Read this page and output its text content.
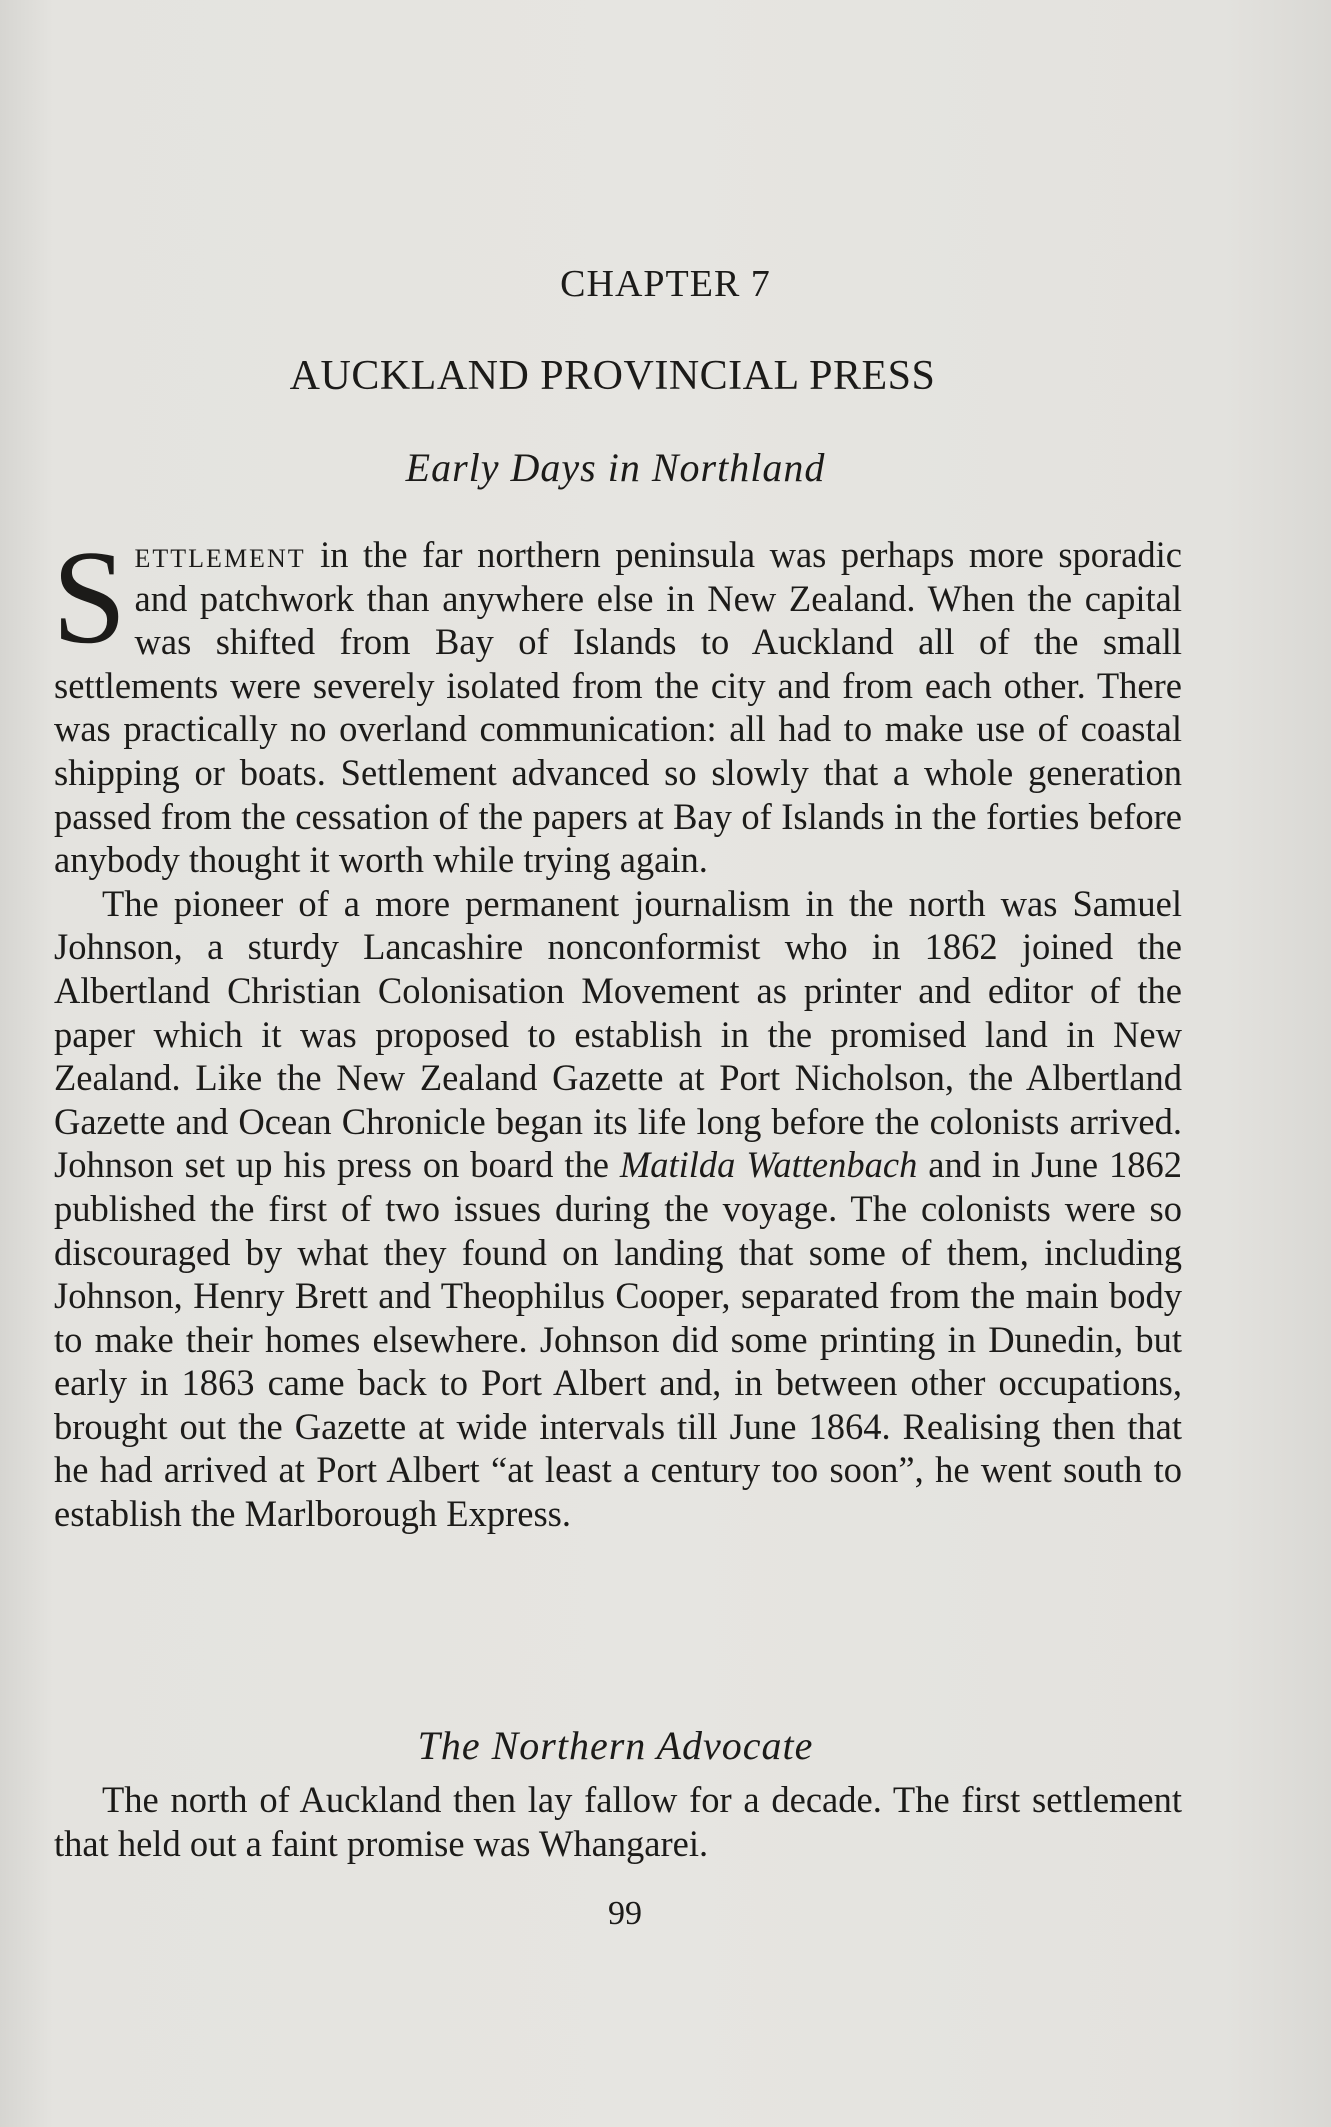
CHAPTER 7
AUCKLAND PROVINCIAL PRESS
Early Days in Northland

Settlement in the far northern peninsula was perhaps more sporadic and patchwork than anywhere else in New Zealand. When the capital was shifted from Bay of Islands to Auckland all of the small settlements were severely isolated from the city and from each other. There was practically no overland communication: all had to make use of coastal shipping or boats. Settlement advanced so slowly that a whole generation passed from the cessation of the papers at Bay of Islands in the forties before anybody thought it worth while trying again.

The pioneer of a more permanent journalism in the north was Samuel Johnson, a sturdy Lancashire nonconformist who in 1862 joined the Albertland Christian Colonisation Movement as printer and editor of the paper which it was proposed to establish in the promised land in New Zealand. Like the New Zealand Gazette at Port Nicholson, the Albertland Gazette and Ocean Chronicle began its life long before the colonists arrived. Johnson set up his press on board the Matilda Wattenbach and in June 1862 published the first of two issues during the voyage. The colonists were so discouraged by what they found on landing that some of them, including Johnson, Henry Brett and Theophilus Cooper, separated from the main body to make their homes elsewhere. Johnson did some printing in Dunedin, but early in 1863 came back to Port Albert and, in between other occupations, brought out the Gazette at wide intervals till June 1864. Realising then that he had arrived at Port Albert “at least a century too soon”, he went south to establish the Marlborough Express.

The Northern Advocate

The north of Auckland then lay fallow for a decade. The first settlement that held out a faint promise was Whangarei.

99
